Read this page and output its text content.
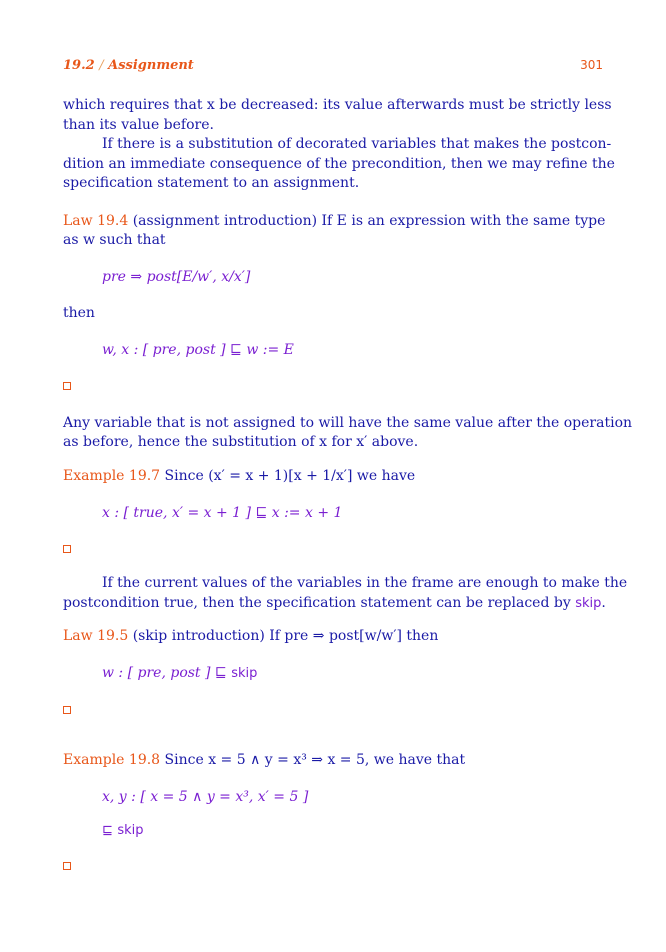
19.2 / Assignment	301
which requires that x be decreased: its value afterwards must be strictly less
than its value before.
If there is a substitution of decorated variables that makes the postcon-
dition an immediate consequence of the precondition, then we may refine the
specification statement to an assignment.
Law 19.4 (assignment introduction) If E is an expression with the same type
as w such that
pre ⇒ post[E/w′, x/x′]
then
w, x : [ pre, post ] ⊑ w := E
Any variable that is not assigned to will have the same value after the operation
as before, hence the substitution of x for x′ above.
Example 19.7 Since (x′ = x + 1)[x + 1/x′] we have
x : [ true, x′ = x + 1 ] ⊑ x := x + 1
If the current values of the variables in the frame are enough to make the
postcondition true, then the specification statement can be replaced by skip.
Law 19.5 (skip introduction) If pre ⇒ post[w/w′] then
w : [ pre, post ] ⊑ skip
Example 19.8 Since x = 5 ∧ y = x³ ⇒ x = 5, we have that
x, y : [ x = 5 ∧ y = x³, x′ = 5 ]
⊑ skip
